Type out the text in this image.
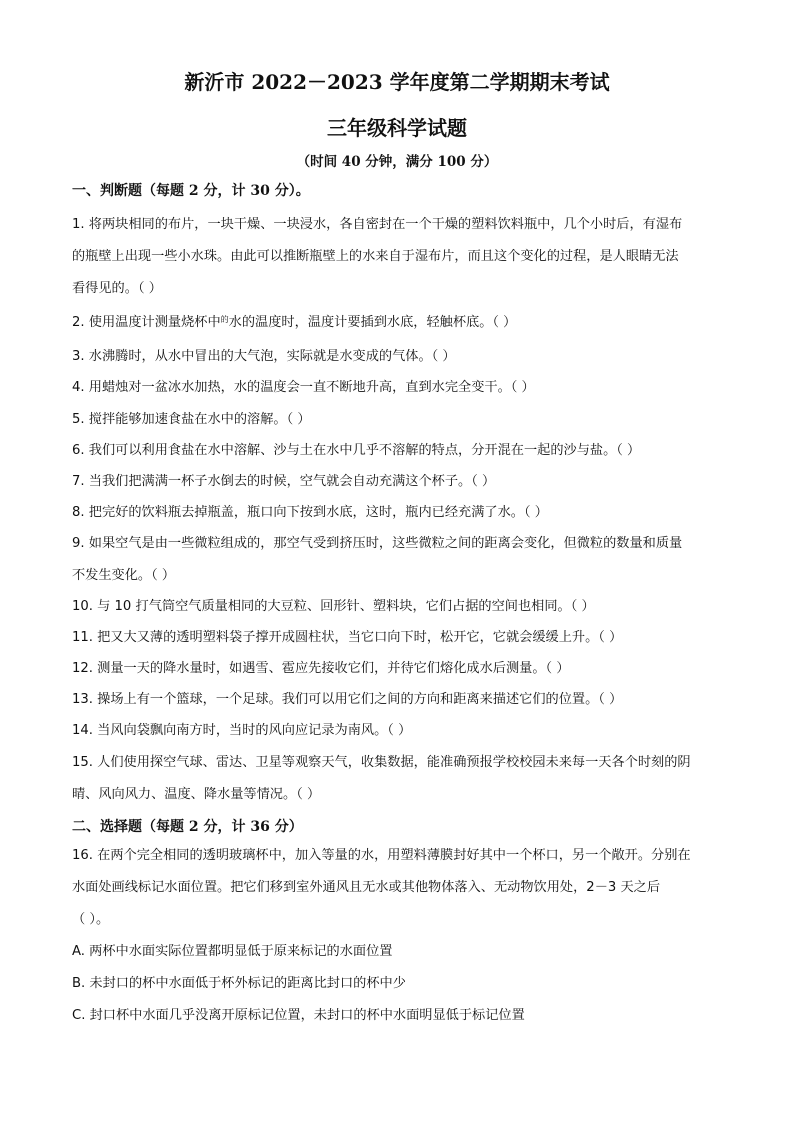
新沂市 2022－2023 学年度第二学期期末考试
三年级科学试题
（时间 40 分钟，满分 100 分）
一、判断题（每题 2 分，计 30 分）。
1. 将两块相同的布片，一块干燥、一块浸水，各自密封在一个干燥的塑料饮料瓶中，几个小时后，有湿布
的瓶壁上出现一些小水珠。由此可以推断瓶壁上的水来自于湿布片，而且这个变化的过程，是人眼睛无法
看得见的。（ ）
2. 使用温度计测量烧杯中$^的$水的温度时，温度计要插到水底，轻触杯底。（ ）
3. 水沸腾时，从水中冒出的大气泡，实际就是水变成的气体。（ ）
4. 用蜡烛对一盆冰水加热，水的温度会一直不断地升高，直到水完全变干。（ ）
5. 搅拌能够加速食盐在水中的溶解。（ ）
6. 我们可以利用食盐在水中溶解、沙与土在水中几乎不溶解的特点，分开混在一起的沙与盐。（ ）
7. 当我们把满满一杯子水倒去的时候，空气就会自动充满这个杯子。（ ）
8. 把完好的饮料瓶去掉瓶盖，瓶口向下按到水底，这时，瓶内已经充满了水。（ ）
9. 如果空气是由一些微粒组成的，那空气受到挤压时，这些微粒之间的距离会变化，但微粒的数量和质量
不发生变化。（ ）
10. 与 10 打气筒空气质量相同的大豆粒、回形针、塑料块，它们占据的空间也相同。（ ）
11. 把又大又薄的透明塑料袋子撑开成圆柱状，当它口向下时，松开它，它就会缓缓上升。（ ）
12. 测量一天的降水量时，如遇雪、雹应先接收它们，并待它们熔化成水后测量。（ ）
13. 操场上有一个篮球，一个足球。我们可以用它们之间的方向和距离来描述它们的位置。（ ）
14. 当风向袋飘向南方时，当时的风向应记录为南风。（ ）
15. 人们使用探空气球、雷达、卫星等观察天气，收集数据，能准确预报学校校园未来每一天各个时刻的阴
晴、风向风力、温度、降水量等情况。（ ）
二、选择题（每题 2 分，计 36 分）
16. 在两个完全相同的透明玻璃杯中，加入等量的水，用塑料薄膜封好其中一个杯口，另一个敞开。分别在
水面处画线标记水面位置。把它们移到室外通风且无水或其他物体落入、无动物饮用处，2－3 天之后
（ ）。
A. 两杯中水面实际位置都明显低于原来标记的水面位置
B. 未封口的杯中水面低于杯外标记的距离比封口的杯中少
C. 封口杯中水面几乎没离开原标记位置，未封口的杯中水面明显低于标记位置
